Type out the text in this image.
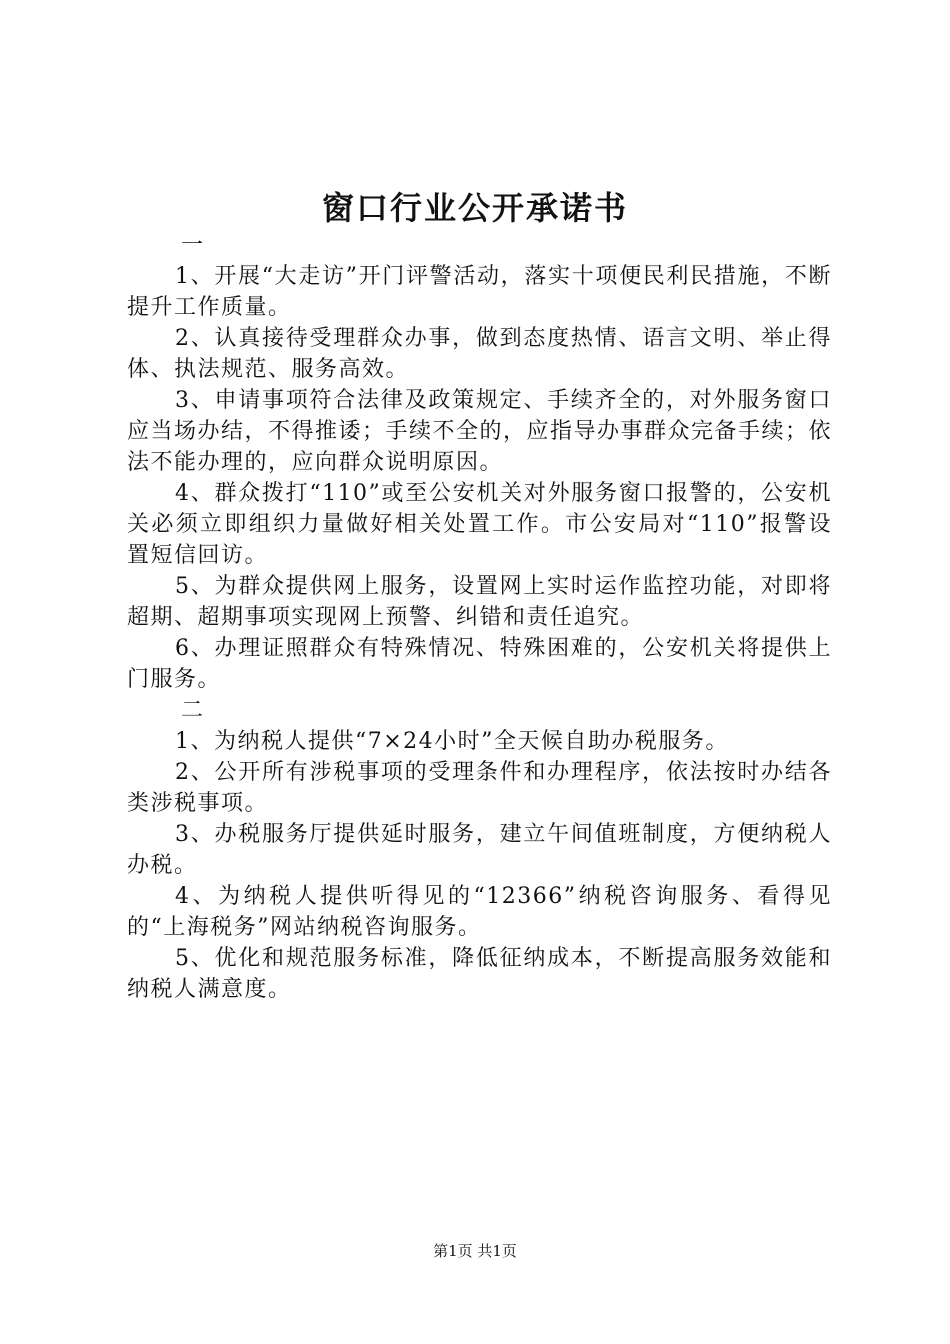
窗口行业公开承诺书

一

1、开展“大走访”开门评警活动，落实十项便民利民措施，不断提升工作质量。

2、认真接待受理群众办事，做到态度热情、语言文明、举止得体、执法规范、服务高效。

3、申请事项符合法律及政策规定、手续齐全的，对外服务窗口应当场办结，不得推诿；手续不全的，应指导办事群众完备手续；依法不能办理的，应向群众说明原因。

4、群众拨打“110”或至公安机关对外服务窗口报警的，公安机关必须立即组织力量做好相关处置工作。市公安局对“110”报警设置短信回访。

5、为群众提供网上服务，设置网上实时运作监控功能，对即将超期、超期事项实现网上预警、纠错和责任追究。

6、办理证照群众有特殊情况、特殊困难的，公安机关将提供上门服务。

二

1、为纳税人提供“7×24小时”全天候自助办税服务。

2、公开所有涉税事项的受理条件和办理程序，依法按时办结各类涉税事项。

3、办税服务厅提供延时服务，建立午间值班制度，方便纳税人办税。

4、为纳税人提供听得见的“12366”纳税咨询服务、看得见的“上海税务”网站纳税咨询服务。

5、优化和规范服务标准，降低征纳成本，不断提高服务效能和纳税人满意度。

第1页 共1页
